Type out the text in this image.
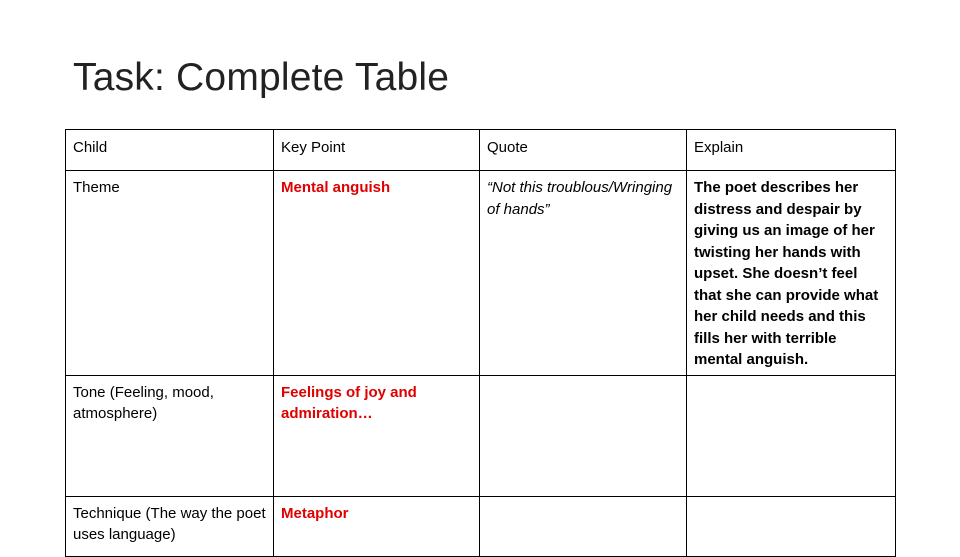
Task: Complete Table
Child	Key Point	Quote	Explain
Theme	Mental anguish	“Not this troublous/Wringing of hands”	The poet describes her distress and despair by giving us an image of her twisting her hands with upset. She doesn’t feel that she can provide what her child needs and this fills her with terrible mental anguish.
Tone (Feeling, mood, atmosphere)	Feelings of joy and admiration…		
Technique (The way the poet uses language)	Metaphor		
